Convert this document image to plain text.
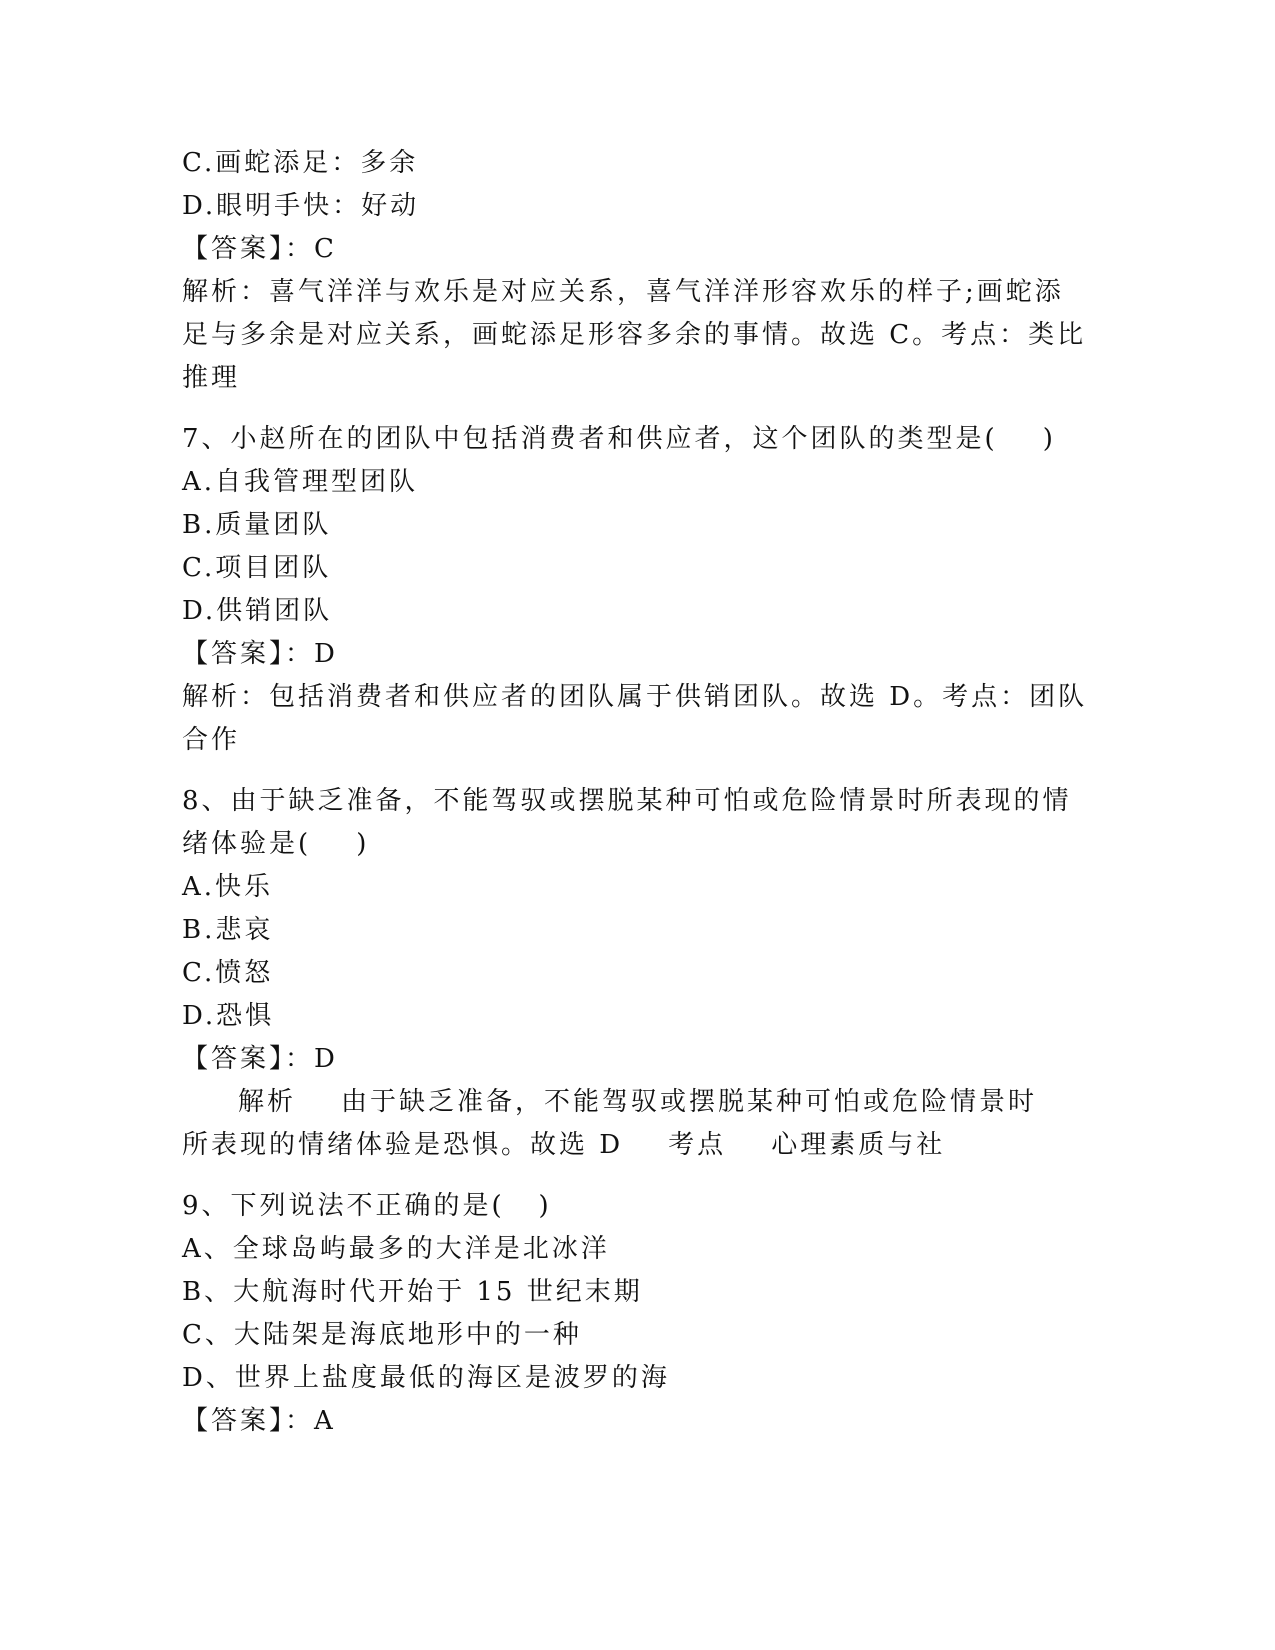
C.画蛇添足：多余
D.眼明手快：好动
【答案】：C
解析：喜气洋洋与欢乐是对应关系，喜气洋洋形容欢乐的样子;画蛇添
足与多余是对应关系，画蛇添足形容多余的事情。故选 C。考点：类比
推理
7、小赵所在的团队中包括消费者和供应者，这个团队的类型是(    )
A.自我管理型团队
B.质量团队
C.项目团队
D.供销团队
【答案】：D
解析：包括消费者和供应者的团队属于供销团队。故选 D。考点：团队
合作
8、由于缺乏准备，不能驾驭或摆脱某种可怕或危险情景时所表现的情
绪体验是(    )
A.快乐
B.悲哀
C.愤怒
D.恐惧
【答案】：D
解析    由于缺乏准备，不能驾驭或摆脱某种可怕或危险情景时
所表现的情绪体验是恐惧。故选 D    考点    心理素质与社
9、下列说法不正确的是(   )
A、全球岛屿最多的大洋是北冰洋
B、大航海时代开始于 15 世纪末期
C、大陆架是海底地形中的一种
D、世界上盐度最低的海区是波罗的海
【答案】：A
